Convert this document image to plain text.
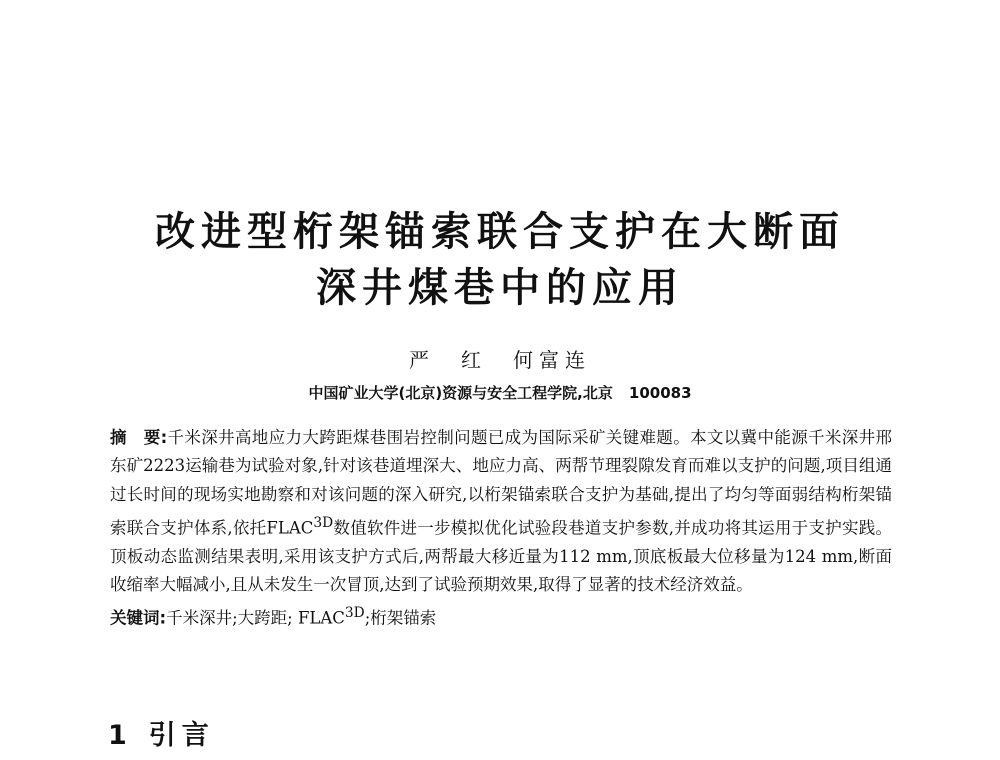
改进型桁架锚索联合支护在大断面
深井煤巷中的应用
严　红 何富连
中国矿业大学(北京)资源与安全工程学院,北京 100083

摘　要:千米深井高地应力大跨距煤巷围岩控制问题已成为国际采矿关键难题。本文以冀中能源千米深井邢东矿2223运输巷为试验对象,针对该巷道埋深大、地应力高、两帮节理裂隙发育而难以支护的问题,项目组通过长时间的现场实地勘察和对该问题的深入研究,以桁架锚索联合支护为基础,提出了均匀等面弱结构桁架锚索联合支护体系,依托$FLAC^{3D}$数值软件进一步模拟优化试验段巷道支护参数,并成功将其运用于支护实践。顶板动态监测结果表明,采用该支护方式后,两帮最大移近量为112 mm,顶底板最大位移量为124 mm,断面收缩率大幅减小,且从未发生一次冒顶,达到了试验预期效果,取得了显著的技术经济效益。

关键词:千米深井;大跨距; $FLAC^{3D}$;桁架锚索

1 引言
